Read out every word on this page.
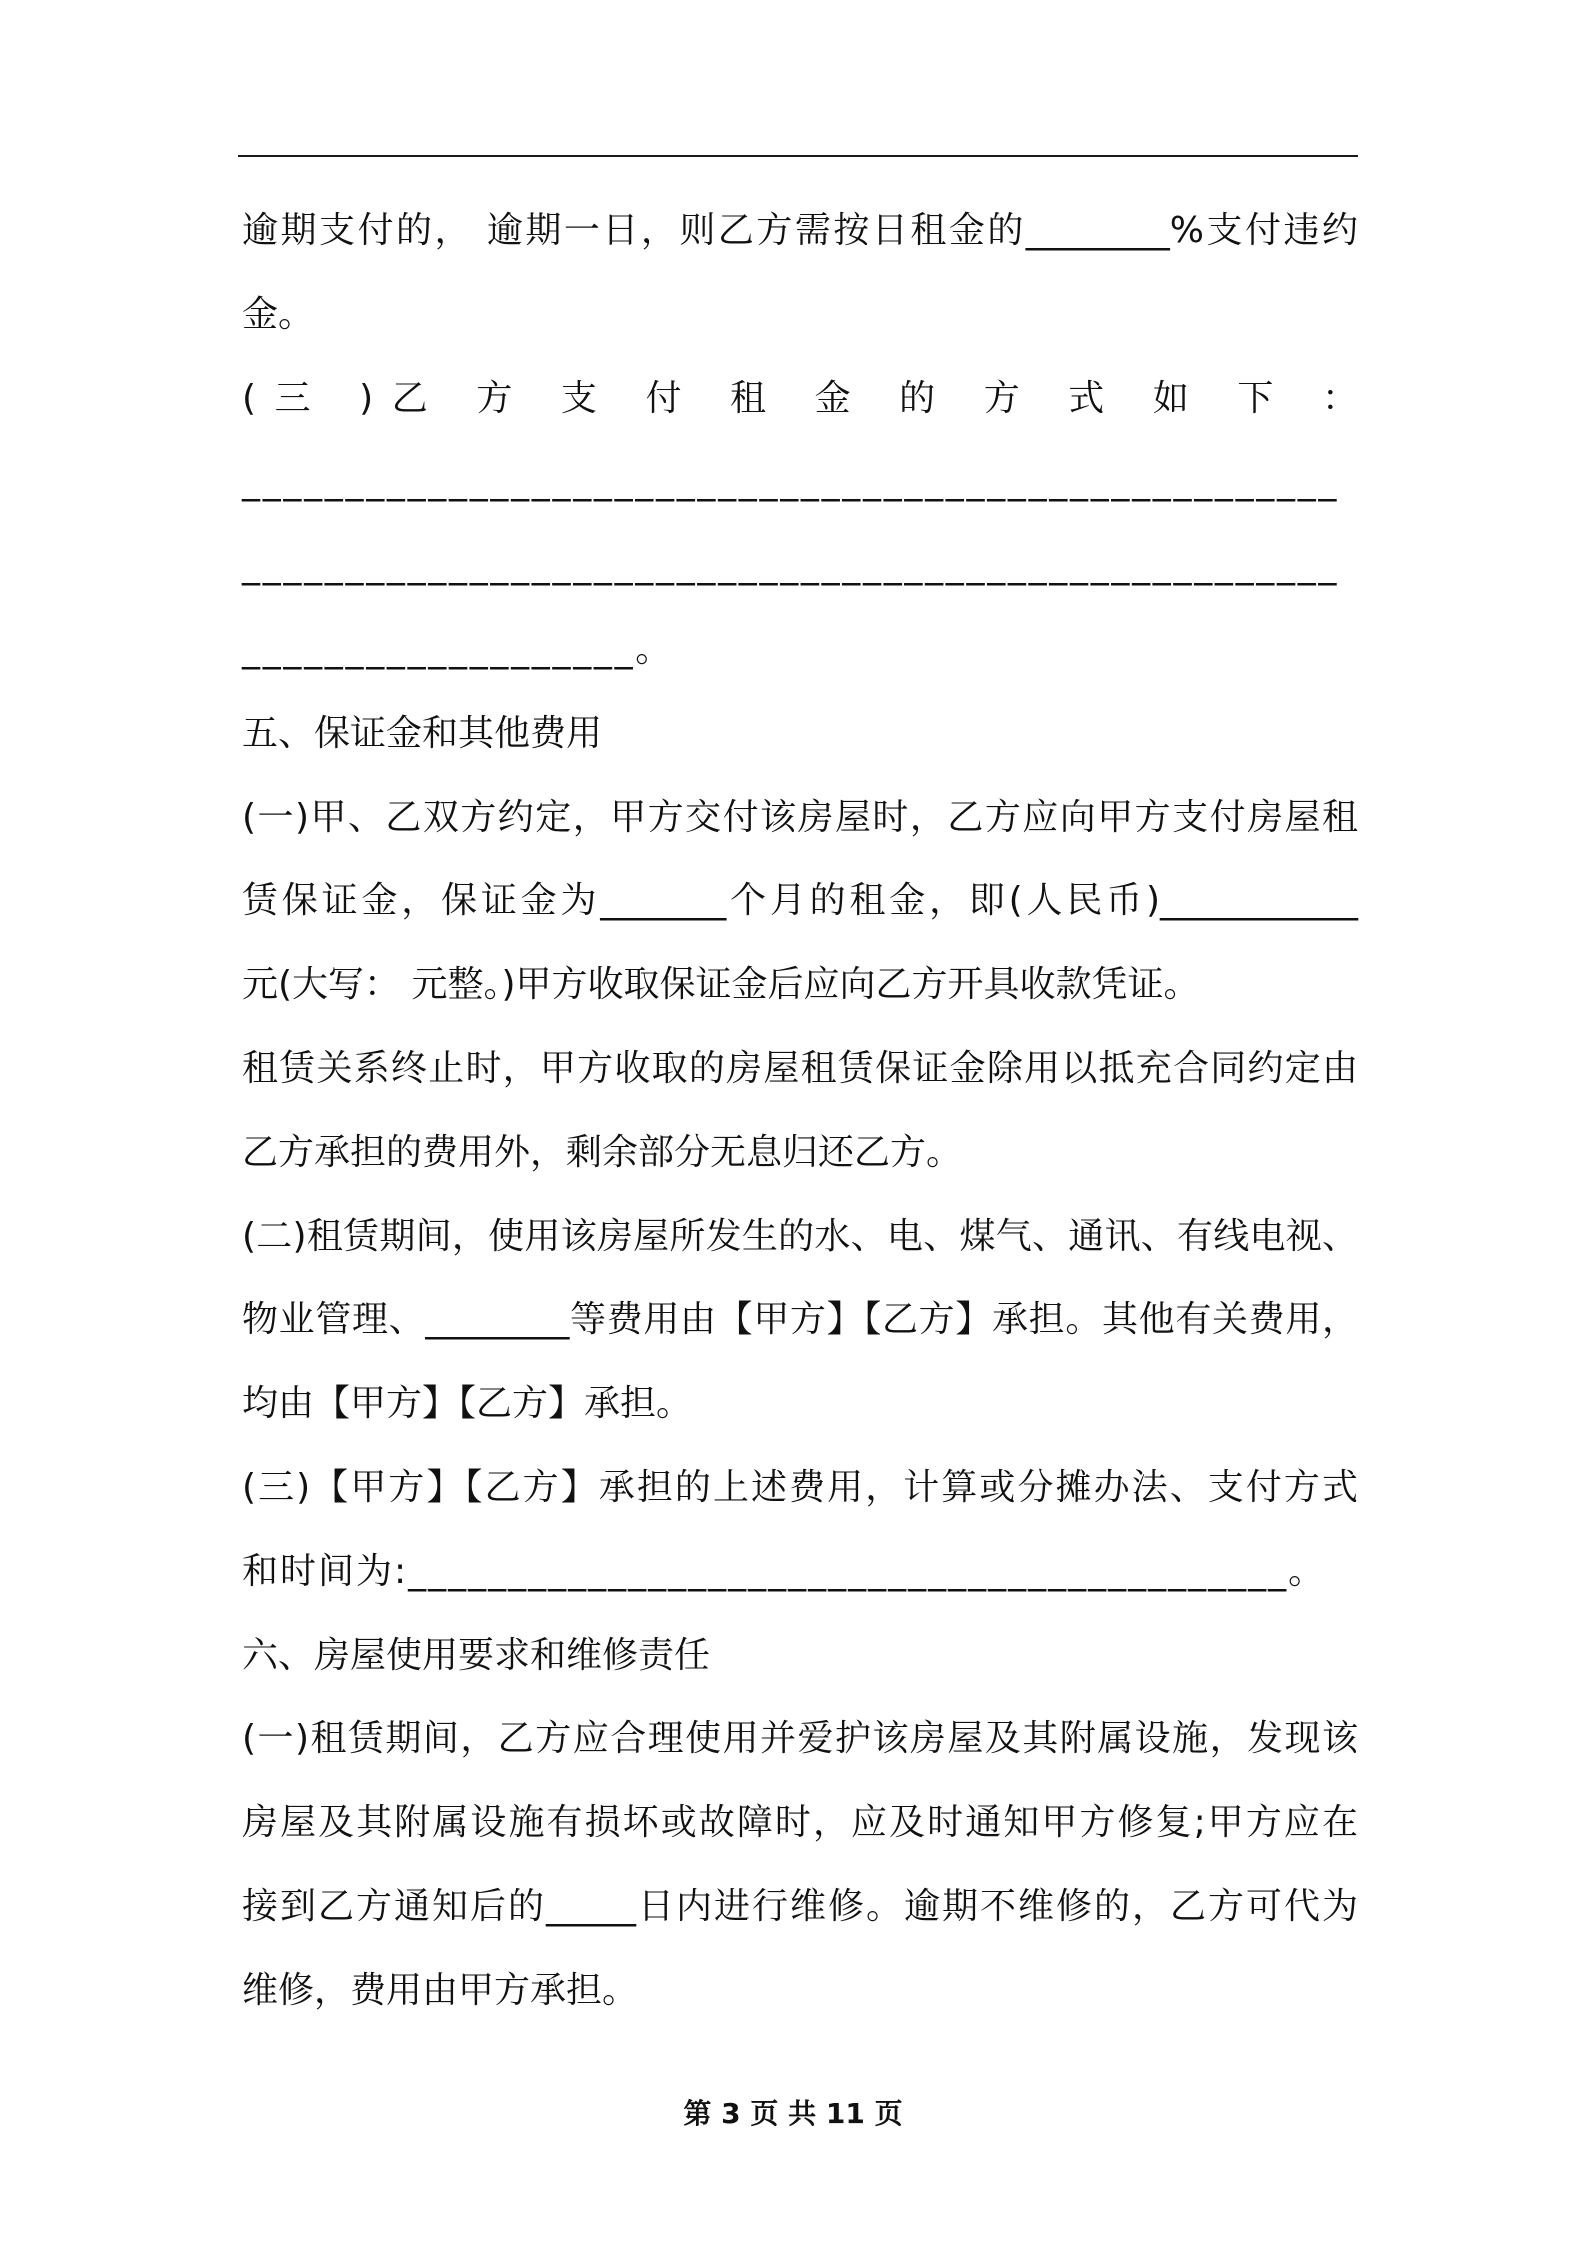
逾期支付的， 逾期一日，则乙方需按日租金的________%支付违约
金。
(三 )乙 方 支 付 租 金 的 方 式 如 下 ：
_____________________________________________________
_____________________________________________________
___________________。
五、保证金和其他费用
(一)甲、乙双方约定，甲方交付该房屋时，乙方应向甲方支付房屋租
赁保证金，保证金为_______个月的租金，即(人民币)___________
元(大写： 元整。)甲方收取保证金后应向乙方开具收款凭证。
租赁关系终止时，甲方收取的房屋租赁保证金除用以抵充合同约定由
乙方承担的费用外，剩余部分无息归还乙方。
(二)租赁期间，使用该房屋所发生的水、电、煤气、通讯、有线电视、
物业管理、________等费用由【甲方】【乙方】承担。其他有关费用，
均由【甲方】【乙方】承担。
(三)【甲方】【乙方】承担的上述费用，计算或分摊办法、支付方式
和时间为:____________________________________________。
六、房屋使用要求和维修责任
(一)租赁期间，乙方应合理使用并爱护该房屋及其附属设施，发现该
房屋及其附属设施有损坏或故障时，应及时通知甲方修复;甲方应在
接到乙方通知后的_____日内进行维修。逾期不维修的，乙方可代为
维修，费用由甲方承担。
第 3 页 共 11 页
